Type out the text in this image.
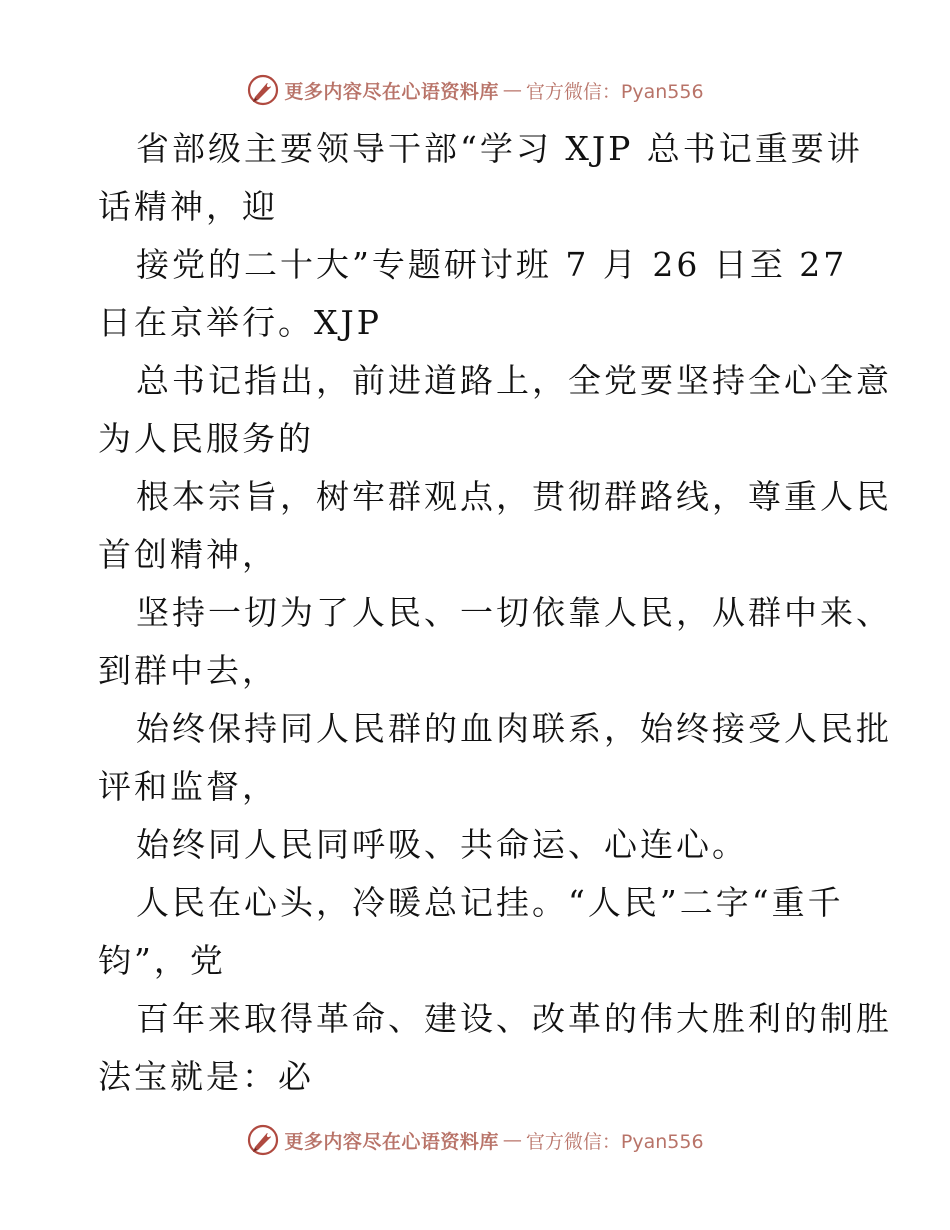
更多内容尽在心语资料库 — 官方微信：Pyan556

省部级主要领导干部“学习 XJP 总书记重要讲

话精神，迎

接党的二十大”专题研讨班 7 月 26 日至 27

日在京举行。XJP

总书记指出，前进道路上，全党要坚持全心全意

为人民服务的

根本宗旨，树牢群观点，贯彻群路线，尊重人民

首创精神，

坚持一切为了人民、一切依靠人民，从群中来、

到群中去，

始终保持同人民群的血肉联系，始终接受人民批

评和监督，

始终同人民同呼吸、共命运、心连心。

人民在心头，冷暖总记挂。“人民”二字“重千

钧”，党

百年来取得革命、建设、改革的伟大胜利的制胜

法宝就是：必

更多内容尽在心语资料库 — 官方微信：Pyan556
